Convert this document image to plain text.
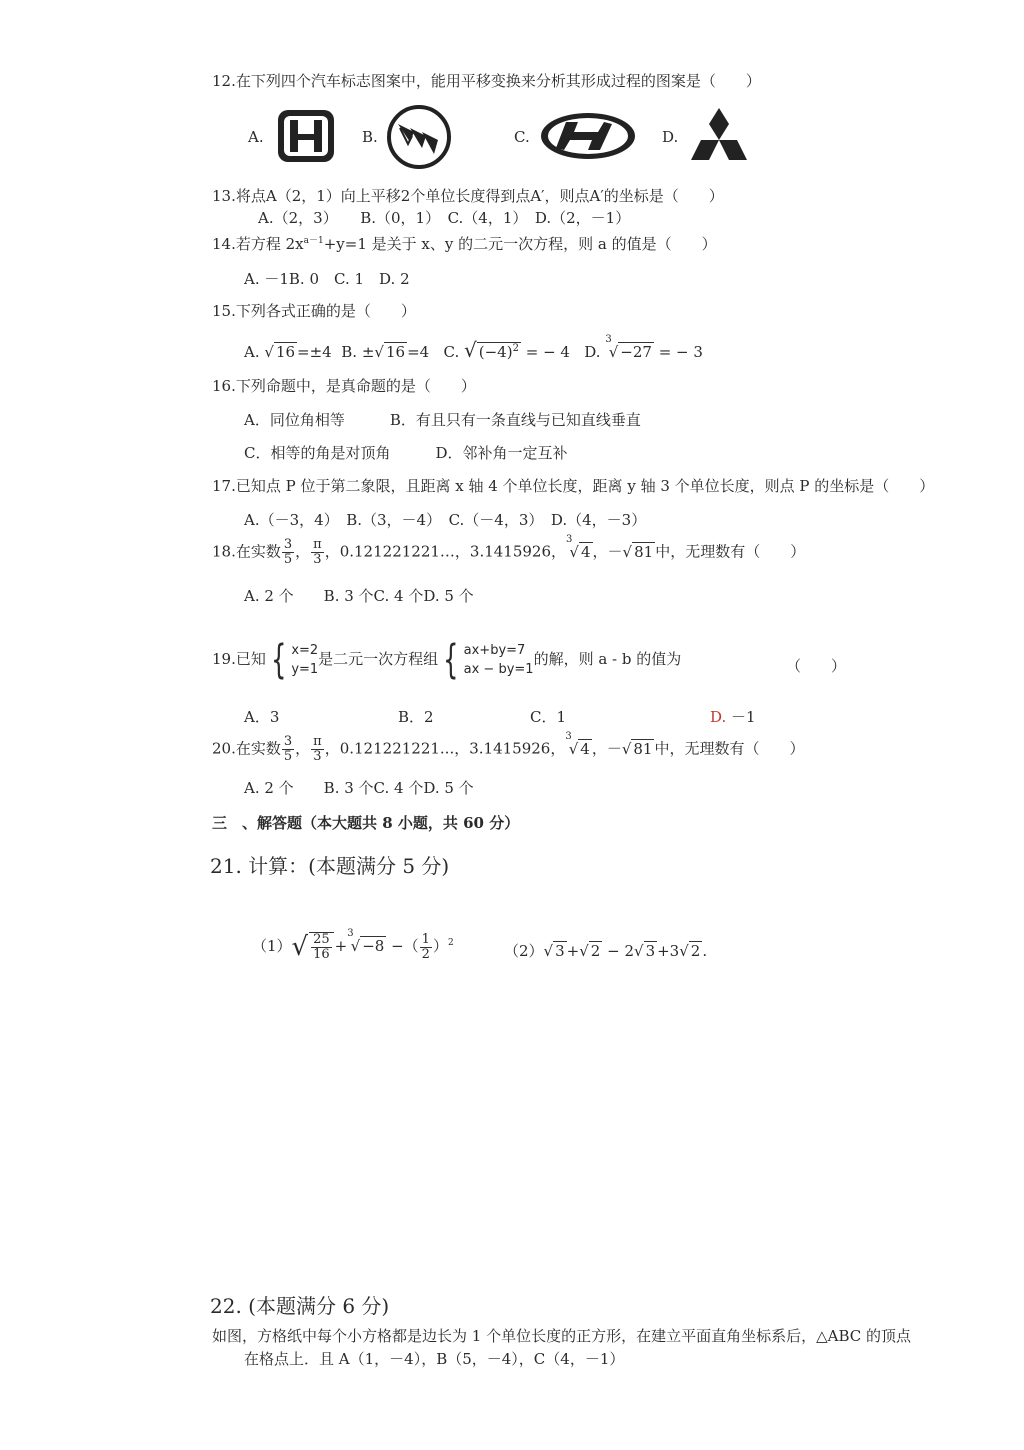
12.在下列四个汽车标志图案中，能用平移变换来分析其形成过程的图案是（　　）
A.	B.	C.	D.
13.将点A（2，1）向上平移2个单位长度得到点A′，则点A′的坐标是（　　）
A.（2，3）　　B.（0，1）　C.（4，1）　D.（2，－1）
14.若方程 $2x^{a-1}+y=1$ 是关于 x、y 的二元一次方程，则 a 的值是（　　）
A. －1B. 0　C. 1　D. 2
15.下列各式正确的是（　　）
A. √ 16 =±4 B. ±√ 16 =4 C. √ $(-4)^2$ = − 4 D. $^3$√ −27 = − 3
16.下列命题中，是真命题的是（　　）
A．同位角相等　　　B．有且只有一条直线与已知直线垂直
C．相等的角是对顶角　　　D．邻补角一定互补
17.已知点 P 位于第二象限，且距离 x 轴 4 个单位长度，距离 y 轴 3 个单位长度，则点 P 的坐标是（　　）
A.（－3，4）　B.（3，－4）　C.（－4，3）　D.（4，－3）
18.在实数 $\frac{3}{5}$ ， $\frac{\pi}{3}$ ，0.121221221…，3.1415926，$^3$√ 4 ，－√ 81 中，无理数有（　　）
A. 2 个　　B. 3 个C. 4 个D. 5 个
19.已知 { x=2
y=1
是二元一次方程组 { ax+by=7
ax − by=1
的解，则 a - b 的值为	（　　）
A．3	B．2	C．1	D. －1
20.在实数 $\frac{3}{5}$ ， $\frac{\pi}{3}$ ，0.121221221...，3.1415926，$^3$√ 4 ，－√ 81 中，无理数有（　　）
A. 2 个　　B. 3 个C. 4 个D. 5 个
三　、解答题（本大题共 8 小题，共 60 分）
21. 计算：(本题满分 5 分)
$(1)√ \frac{25}{16} +^3√ -8$ −（ $\frac{1}{2} )^2$	（2）√ 3 +√ 2 − 2√ 3 +3√ 2 .
22. (本题满分 6 分)
如图，方格纸中每个小方格都是边长为 1 个单位长度的正方形，在建立平面直角坐标系后，△ABC 的顶点
在格点上．且 A（1，－4），B（5，－4），C（4，－1）
